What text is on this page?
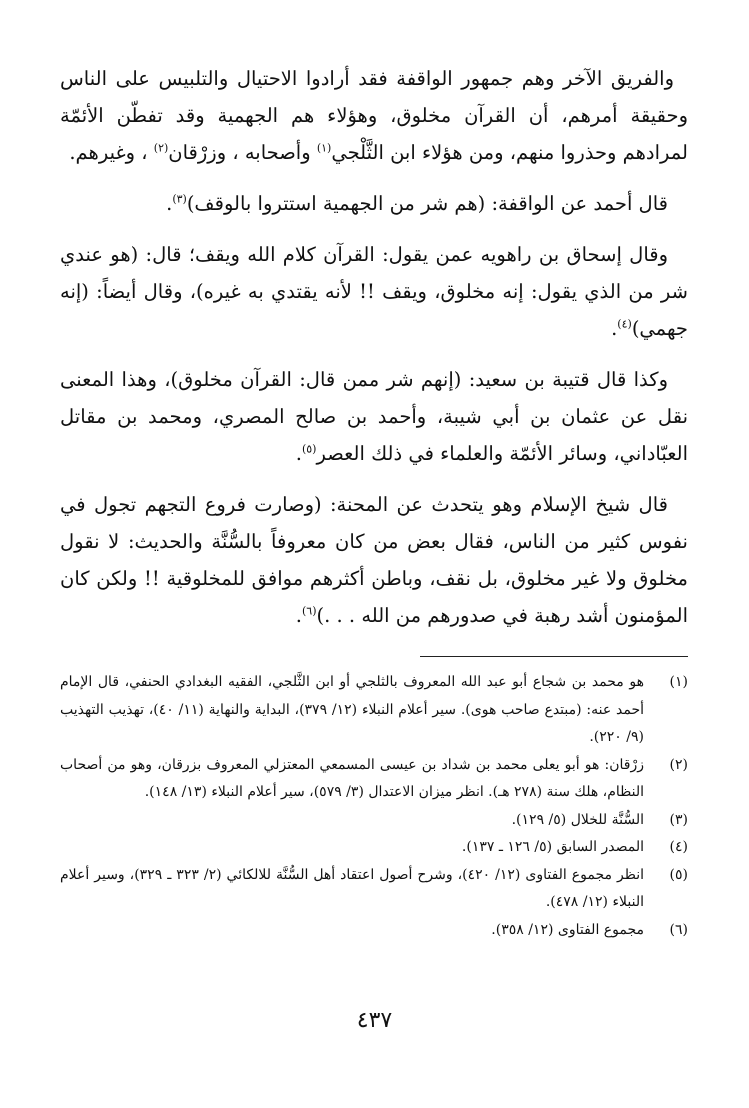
والفريق الآخر وهم جمهور الواقفة فقد أرادوا الاحتيال والتلبيس على الناس وحقيقة أمرهم، أن القرآن مخلوق، وهؤلاء هم الجهمية وقد تفطّن الأئمّة لمرادهم وحذروا منهم، ومن هؤلاء ابن الثَّلْجي$^{(١)}$ وأصحابه ، وزرْقان$^{(٢)}$ ، وغيرهم.

قال أحمد عن الواقفة: (هم شر من الجهمية استتروا بالوقف)$^{(٣)}$.

وقال إسحاق بن راهويه عمن يقول: القرآن كلام الله ويقف؛ قال: (هو عندي شر من الذي يقول: إنه مخلوق، ويقف !! لأنه يقتدي به غيره)، وقال أيضاً: (إنه جهمي)$^{(٤)}$.

وكذا قال قتيبة بن سعيد: (إنهم شر ممن قال: القرآن مخلوق)، وهذا المعنى نقل عن عثمان بن أبي شيبة، وأحمد بن صالح المصري، ومحمد بن مقاتل العبّاداني، وسائر الأئمّة والعلماء في ذلك العصر$^{(٥)}$.

قال شيخ الإسلام وهو يتحدث عن المحنة: (وصارت فروع التجهم تجول في نفوس كثير من الناس، فقال بعض من كان معروفاً بالسُّنَّة والحديث: لا نقول مخلوق ولا غير مخلوق، بل نقف، وباطن أكثرهم موافق للمخلوقية !! ولكن كان المؤمنون أشد رهبة في صدورهم من الله . . .)$^{(٦)}$.

(١)
هو محمد بن شجاع أبو عبد الله المعروف بالثلجي أو ابن الثَّلجي، الفقيه البغدادي الحنفي، قال الإمام أحمد عنه: (مبتدع صاحب هوى). سير أعلام النبلاء (١٢/ ٣٧٩)، البداية والنهاية (١١/ ٤٠)، تهذيب التهذيب (٩/ ٢٢٠).
(٢)
زرْقان: هو أبو يعلى محمد بن شداد بن عيسى المسمعي المعتزلي المعروف بزرقان، وهو من أصحاب النظام، هلك سنة (٢٧٨ هـ). انظر ميزان الاعتدال (٣/ ٥٧٩)، سير أعلام النبلاء (١٣/ ١٤٨).
(٣)
السُّنَّة للخلال (٥/ ١٢٩).
(٤)
المصدر السابق (٥/ ١٢٦ ـ ١٣٧).
(٥)
انظر مجموع الفتاوى (١٢/ ٤٢٠)، وشرح أصول اعتقاد أهل السُّنَّة للالكائي (٢/ ٣٢٣ ـ ٣٢٩)، وسير أعلام النبلاء (١٢/ ٤٧٨).
(٦)
مجموع الفتاوى (١٢/ ٣٥٨).
٤٣٧
